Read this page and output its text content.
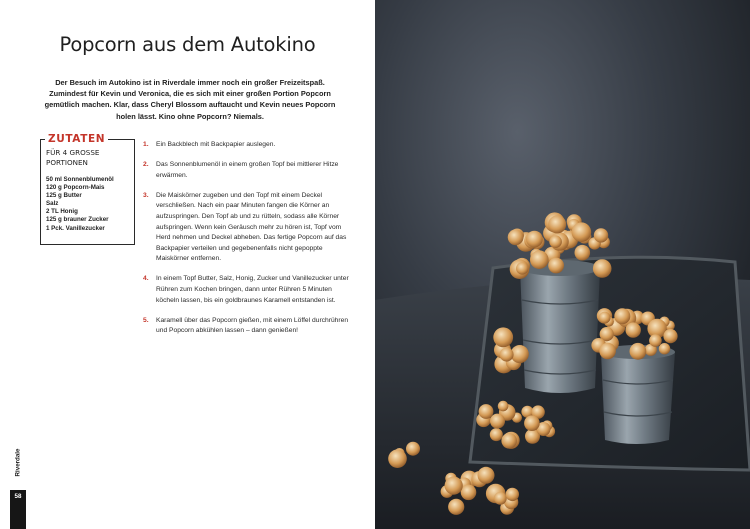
Popcorn aus dem Autokino

Der Besuch im Autokino ist in Riverdale immer noch ein großer Freizeitspaß. Zumindest für Kevin und Veronica, die es sich mit einer großen Portion Popcorn gemütlich machen. Klar, dass Cheryl Blossom auftaucht und Kevin neues Popcorn holen lässt. Kino ohne Popcorn? Niemals.

ZUTATEN
FÜR 4 GROSSE PORTIONEN
50 ml Sonnenblumenöl
120 g Popcorn-Mais
125 g Butter
Salz
2 TL Honig
125 g brauner Zucker
1 Pck. Vanillezucker
1. Ein Backblech mit Backpapier auslegen.
2. Das Sonnenblumenöl in einem großen Topf bei mittlerer Hitze erwärmen.
3. Die Maiskörner zugeben und den Topf mit einem Deckel verschließen. Nach ein paar Minuten fangen die Körner an aufzuspringen. Den Topf ab und zu rütteln, sodass alle Körner aufspringen. Wenn kein Geräusch mehr zu hören ist, Topf vom Herd nehmen und Deckel abheben. Das fertige Popcorn auf das Backpapier verteilen und gegebenenfalls nicht gepoppte Maiskörner entfernen.
4. In einem Topf Butter, Salz, Honig, Zucker und Vanillezucker unter Rühren zum Kochen bringen, dann unter Rühren 5 Minuten köcheln lassen, bis ein goldbraunes Karamell entstanden ist.
5. Karamell über das Popcorn gießen, mit einem Löffel durchrühren und Popcorn abkühlen lassen – dann genießen!
Riverdale
58
